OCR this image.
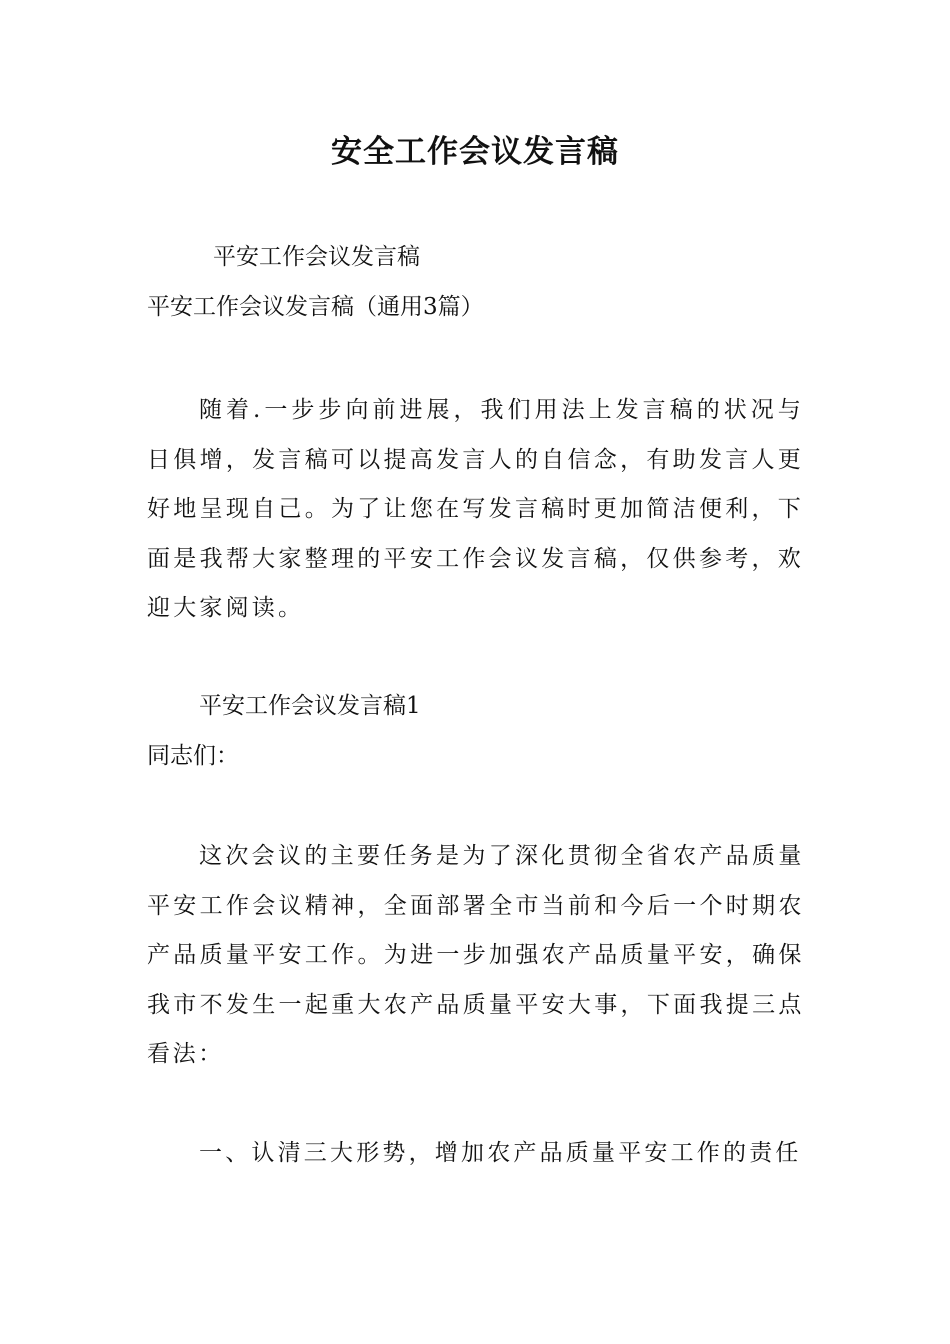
安全工作会议发言稿
平安工作会议发言稿
平安工作会议发言稿（通用3篇）
随着.一步步向前进展，我们用法上发言稿的状况与日俱增，发言稿可以提高发言人的自信念，有助发言人更好地呈现自己。为了让您在写发言稿时更加简洁便利，下面是我帮大家整理的平安工作会议发言稿，仅供参考，欢迎大家阅读。
平安工作会议发言稿1
同志们：
这次会议的主要任务是为了深化贯彻全省农产品质量平安工作会议精神，全面部署全市当前和今后一个时期农产品质量平安工作。为进一步加强农产品质量平安，确保我市不发生一起重大农产品质量平安大事，下面我提三点看法：
一、认清三大形势，增加农产品质量平安工作的责任
